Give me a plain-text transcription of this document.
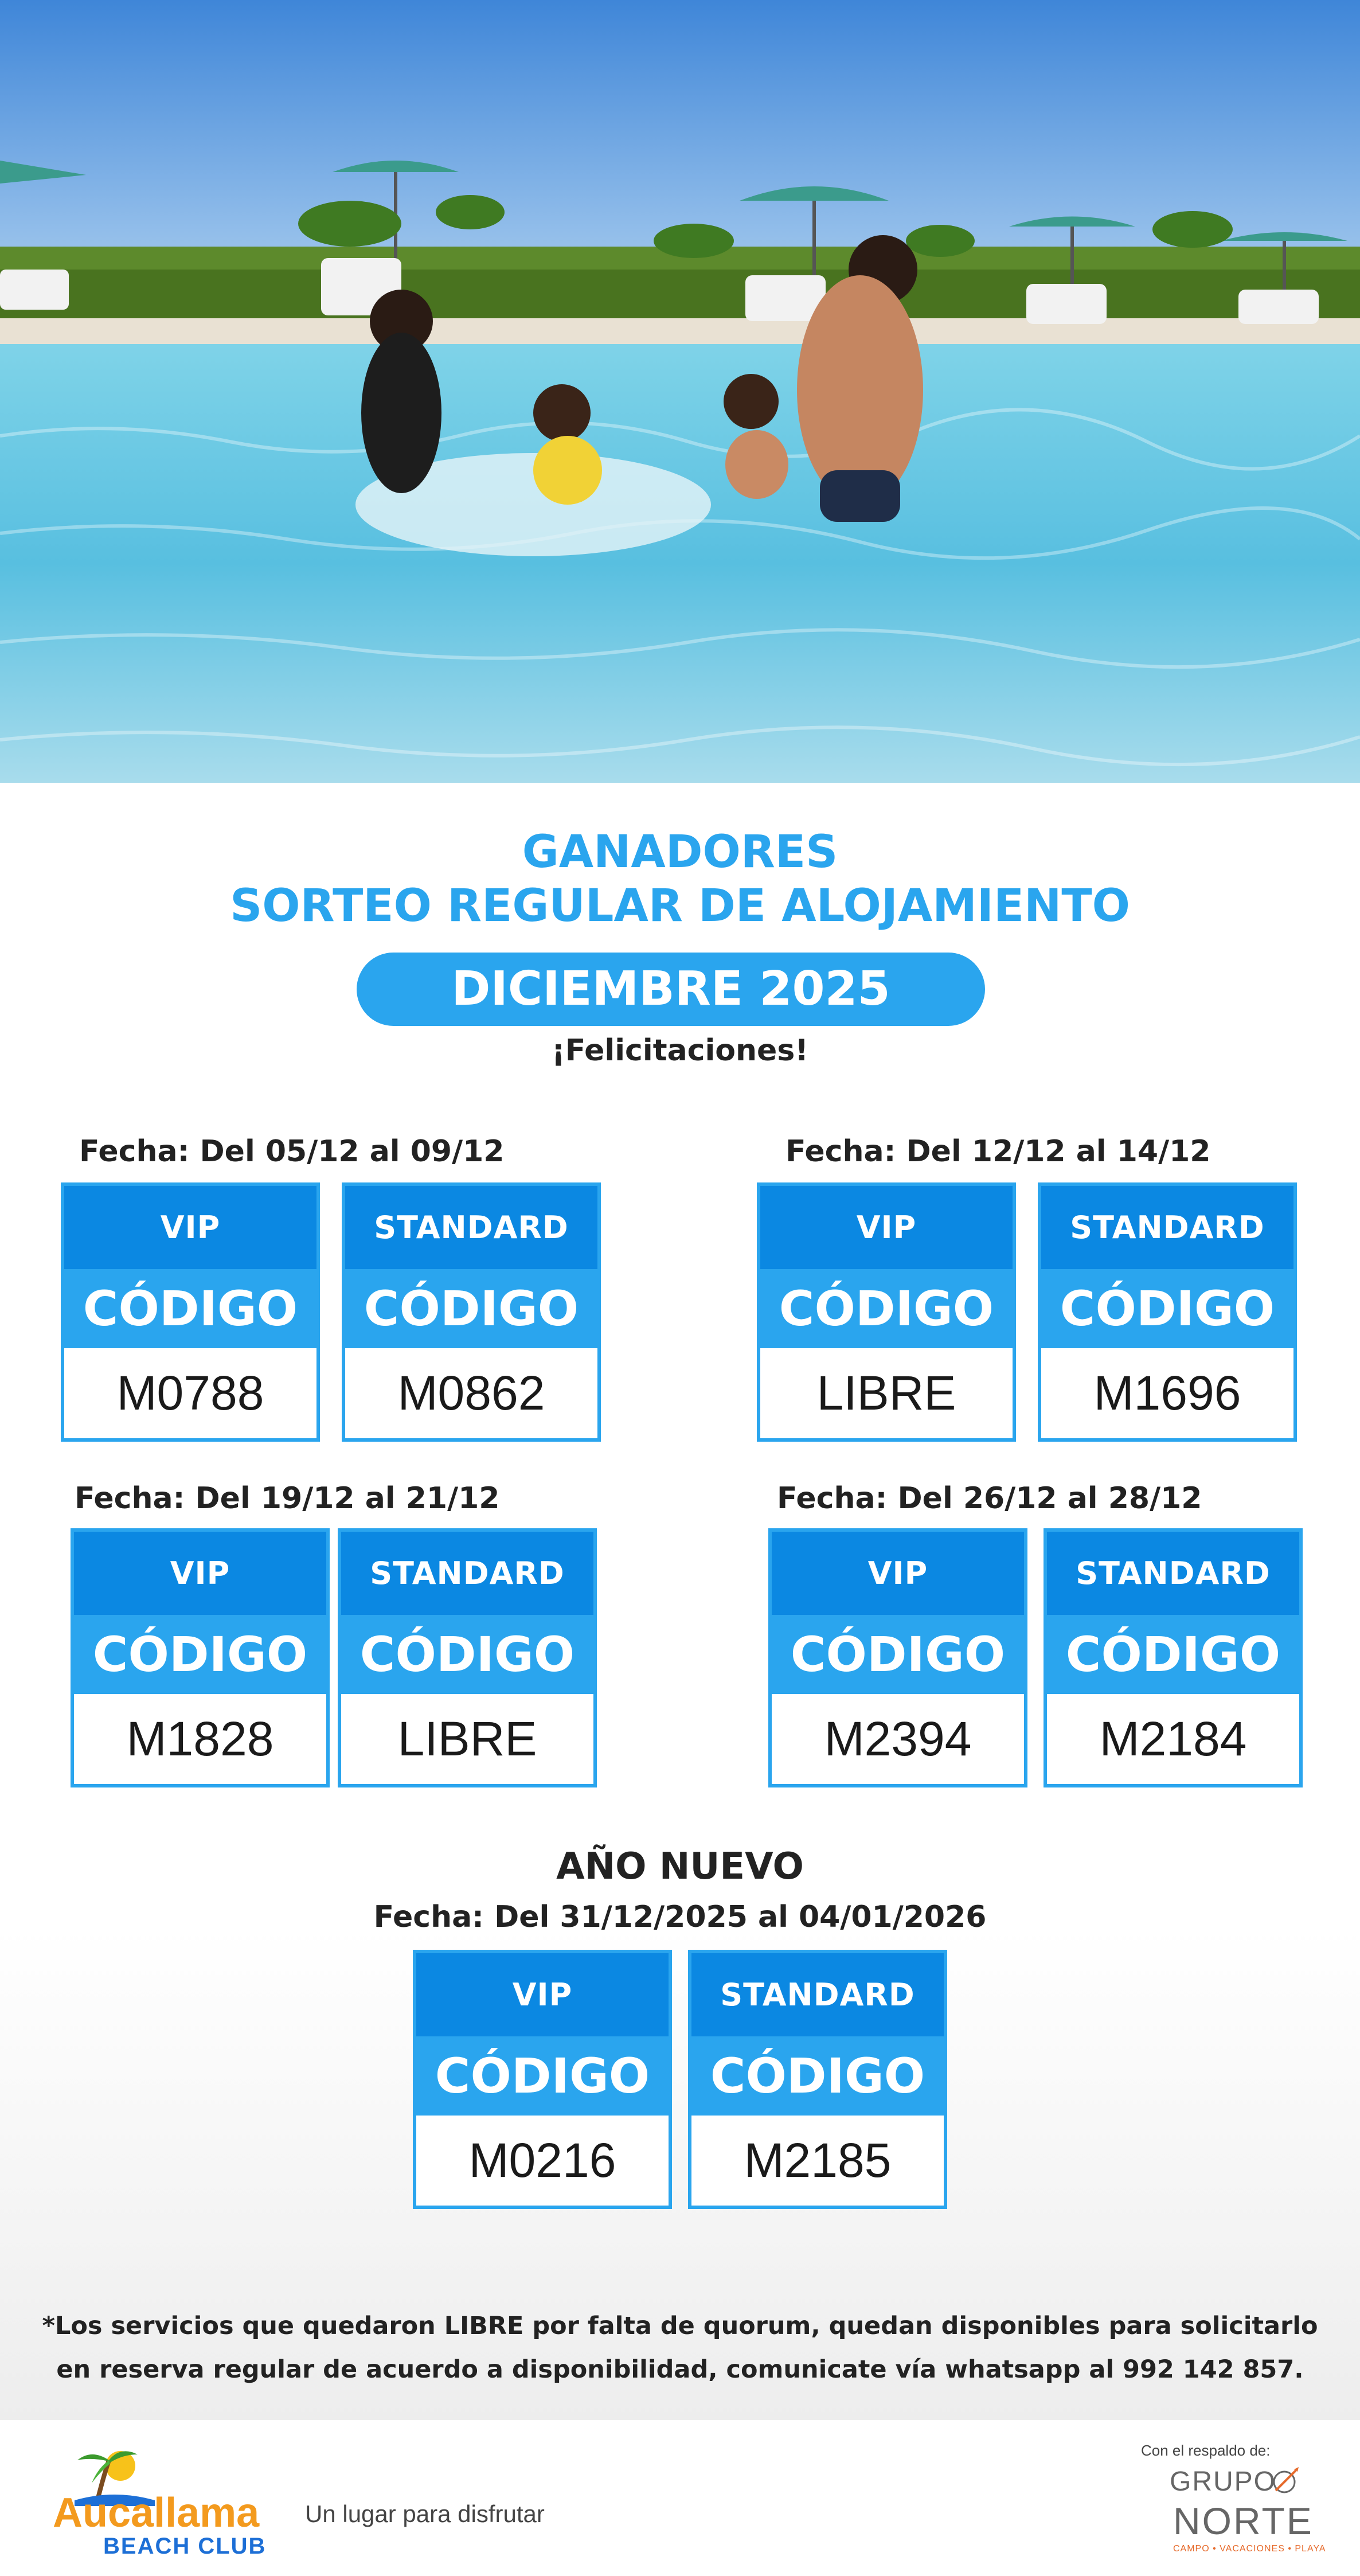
GANADORES
SORTEO REGULAR DE ALOJAMIENTO
DICIEMBRE 2025
¡Felicitaciones!
Fecha: Del 05/12 al 09/12
VIP
CÓDIGO
M0788
STANDARD
CÓDIGO
M0862
Fecha: Del 12/12 al 14/12
VIP
CÓDIGO
LIBRE
STANDARD
CÓDIGO
M1696
Fecha: Del 19/12 al 21/12
VIP
CÓDIGO
M1828
STANDARD
CÓDIGO
LIBRE
Fecha: Del 26/12 al 28/12
VIP
CÓDIGO
M2394
STANDARD
CÓDIGO
M2184
AÑO NUEVO
Fecha: Del 31/12/2025 al 04/01/2026
VIP
CÓDIGO
M0216
STANDARD
CÓDIGO
M2185
*Los servicios que quedaron LIBRE por falta de quorum, quedan disponibles para solicitarlo
en reserva regular de acuerdo a disponibilidad, comunicate vía whatsapp al 992 142 857.
Aucallama
BEACH CLUB
Un lugar para disfrutar
Con el respaldo de:
GRUPO
NORTE
CAMPO • VACACIONES • PLAYA
